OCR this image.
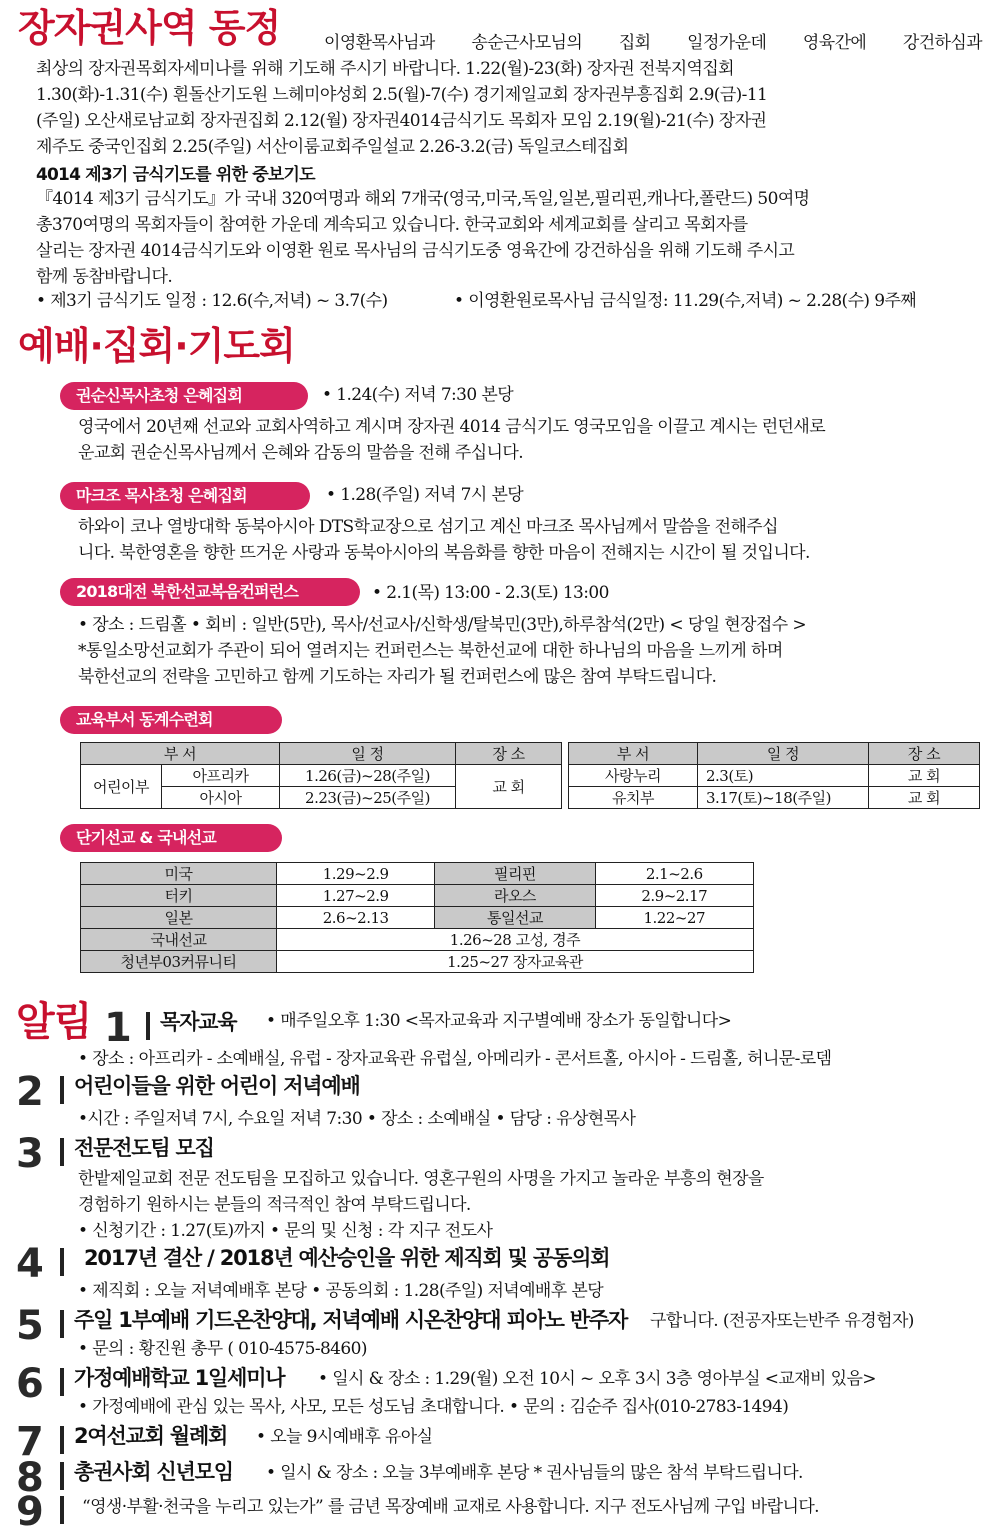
장자권사역 동정	이영환목사님과 송순근사모님의 집회 일정가운데 영육간에 강건하심과
최상의 장자권목회자세미나를 위해 기도해 주시기 바랍니다. 1.22(월)-23(화) 장자권 전북지역집회
1.30(화)-1.31(수) 흰돌산기도원 느헤미야성회 2.5(월)-7(수) 경기제일교회 장자권부흥집회 2.9(금)-11
(주일) 오산새로남교회 장자권집회 2.12(월) 장자권4014금식기도 목회자 모임 2.19(월)-21(수) 장자권
제주도 중국인집회 2.25(주일) 서산이룸교회주일설교 2.26-3.2(금) 독일코스테집회
4014 제3기 금식기도를 위한 중보기도
『4014 제3기 금식기도』가 국내 320여명과 해외 7개국(영국,미국,독일,일본,필리핀,캐나다,폴란드) 50여명
총370여명의 목회자들이 참여한 가운데 계속되고 있습니다. 한국교회와 세계교회를 살리고 목회자를
살리는 장자권 4014금식기도와 이영환 원로 목사님의 금식기도중 영육간에 강건하심을 위해 기도해 주시고
함께 동참바랍니다.
• 제3기 금식기도 일정 : 12.6(수,저녁) ~ 3.7(수)	• 이영환원로목사님 금식일정: 11.29(수,저녁) ~ 2.28(수) 9주째
예배·집회·기도회
권순신목사초청 은혜집회	• 1.24(수) 저녁 7:30 본당
영국에서 20년째 선교와 교회사역하고 계시며 장자권 4014 금식기도 영국모임을 이끌고 계시는 런던새로
운교회 권순신목사님께서 은혜와 감동의 말씀을 전해 주십니다.
마크조 목사초청 은혜집회	• 1.28(주일) 저녁 7시 본당
하와이 코나 열방대학 동북아시아 DTS학교장으로 섬기고 계신 마크조 목사님께서 말씀을 전해주십
니다. 북한영혼을 향한 뜨거운 사랑과 동북아시아의 복음화를 향한 마음이 전해지는 시간이 될 것입니다.
2018대전 북한선교복음컨퍼런스	• 2.1(목) 13:00 - 2.3(토) 13:00
• 장소 : 드림홀 • 회비 : 일반(5만), 목사/선교사/신학생/탈북민(3만),하루참석(2만) < 당일 현장접수 >
*통일소망선교회가 주관이 되어 열려지는 컨퍼런스는 북한선교에 대한 하나님의 마음을 느끼게 하며
북한선교의 전략을 고민하고 함께 기도하는 자리가 될 컨퍼런스에 많은 참여 부탁드립니다.
교육부서 동계수련회
부 서		일 정	장 소		부 서	일 정	장 소
어린이부	아프리카	1.26(금)~28(주일)	교 회		사랑누리	2.3(토)	교 회
	아시아	2.23(금)~25(주일)			유치부	3.17(토)~18(주일)	교 회
단기선교 & 국내선교
미국	1.29~2.9	필리핀	2.1~2.6
터키	1.27~2.9	라오스	2.9~2.17
일본	2.6~2.13	통일선교	1.22~27
국내선교	1.26~28 고성, 경주		
청년부03커뮤니티	1.25~27 장자교육관		
알림 1 목자교육 • 매주일오후 1:30 <목자교육과 지구별예배 장소가 동일합니다>
• 장소 : 아프리카 - 소예배실, 유럽 - 장자교육관 유럽실, 아메리카 - 콘서트홀, 아시아 - 드림홀, 허니문-로뎀
2 어린이들을 위한 어린이 저녁예배
•시간 : 주일저녁 7시, 수요일 저녁 7:30 • 장소 : 소예배실 • 담당 : 유상현목사
3 전문전도팀 모집
한밭제일교회 전문 전도팀을 모집하고 있습니다. 영혼구원의 사명을 가지고 놀라운 부흥의 현장을
경험하기 원하시는 분들의 적극적인 참여 부탁드립니다.
• 신청기간 : 1.27(토)까지 • 문의 및 신청 : 각 지구 전도사
4 2017년 결산 / 2018년 예산승인을 위한 제직회 및 공동의회
• 제직회 : 오늘 저녁예배후 본당 • 공동의회 : 1.28(주일) 저녁예배후 본당
5 주일 1부예배 기드온찬양대, 저녁예배 시온찬양대 피아노 반주자 구합니다. (전공자또는반주 유경험자)
• 문의 : 황진원 총무 ( 010-4575-8460)
6 가정예배학교 1일세미나 • 일시 & 장소 : 1.29(월) 오전 10시 ~ 오후 3시 3층 영아부실 <교재비 있음>
• 가정예배에 관심 있는 목사, 사모, 모든 성도님 초대합니다. • 문의 : 김순주 집사(010-2783-1494)
7 2여선교회 월례회 • 오늘 9시예배후 유아실
8 총권사회 신년모임 • 일시 & 장소 : 오늘 3부예배후 본당 * 권사님들의 많은 참석 부탁드립니다.
9 “영생·부활·천국을 누리고 있는가” 를 금년 목장예배 교재로 사용합니다. 지구 전도사님께 구입 바랍니다.
